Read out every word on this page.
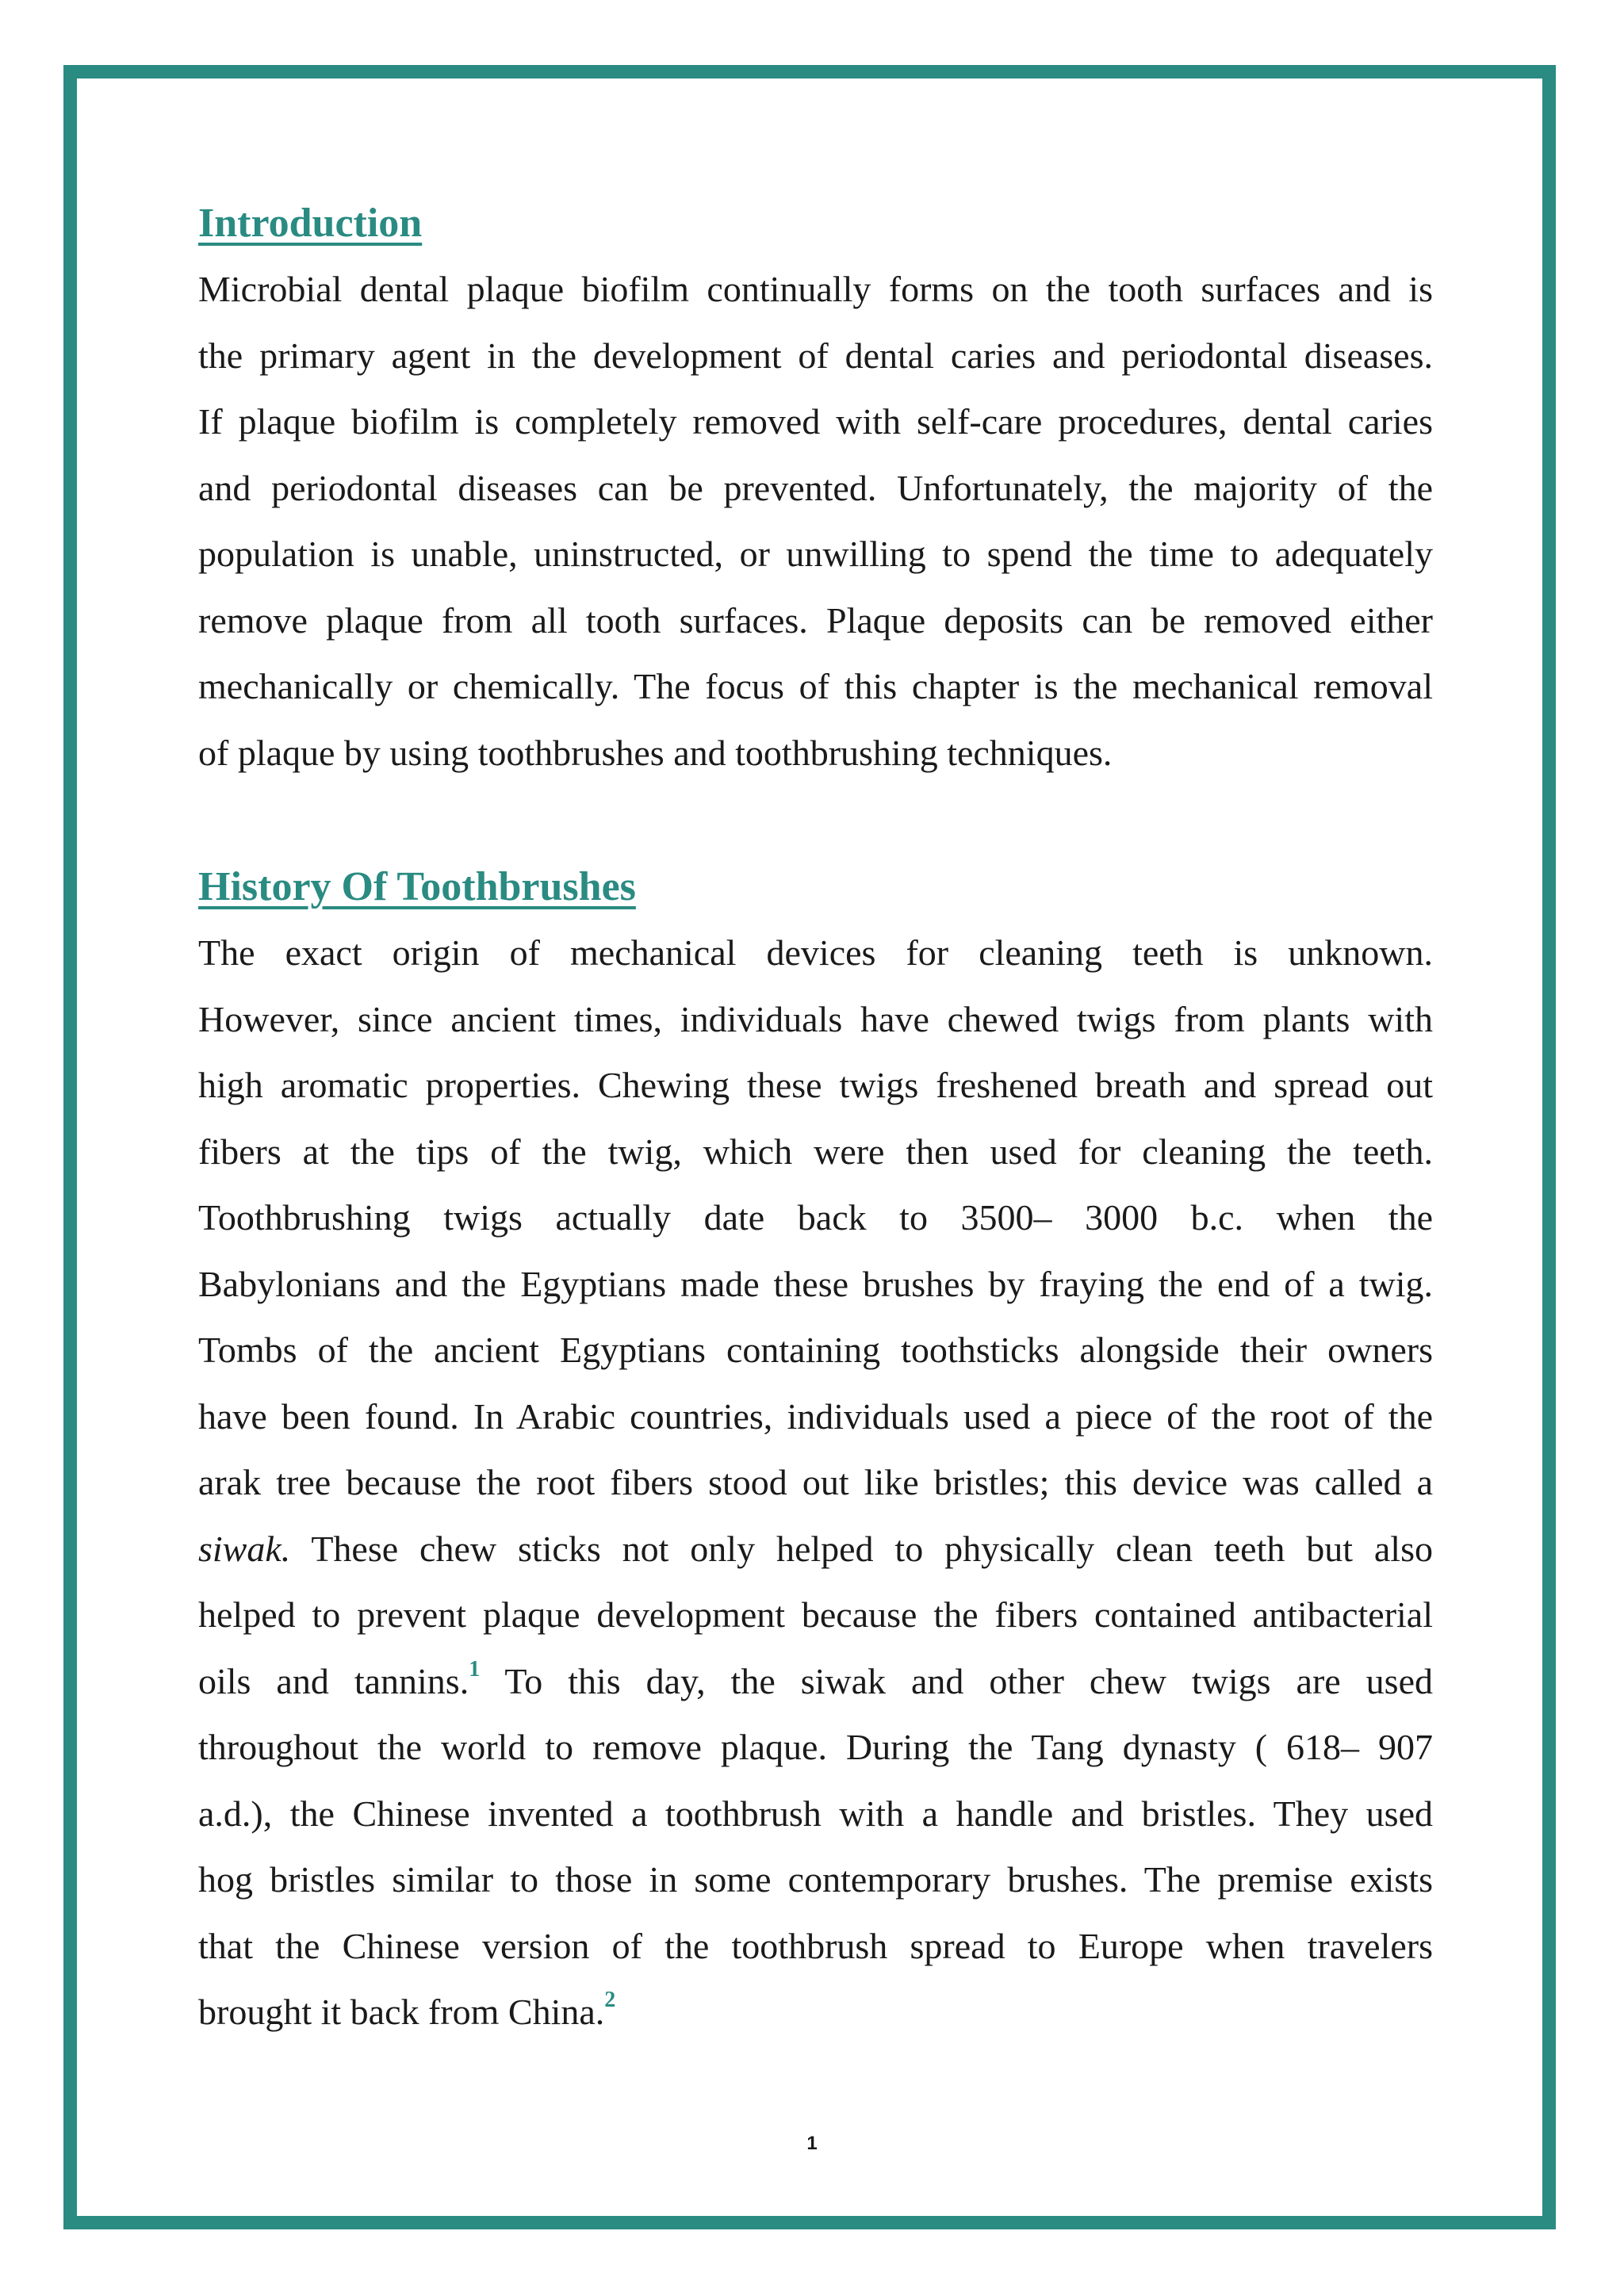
Introduction
Microbial dental plaque biofilm continually forms on the tooth surfaces and is
the primary agent in the development of dental caries and periodontal diseases.
If plaque biofilm is completely removed with self-care procedures, dental caries
and periodontal diseases can be prevented. Unfortunately, the majority of the
population is unable, uninstructed, or unwilling to spend the time to adequately
remove plaque from all tooth surfaces. Plaque deposits can be removed either
mechanically or chemically. The focus of this chapter is the mechanical removal
of plaque by using toothbrushes and toothbrushing techniques.
History Of Toothbrushes
The exact origin of mechanical devices for cleaning teeth is unknown.
However, since ancient times, individuals have chewed twigs from plants with
high aromatic properties. Chewing these twigs freshened breath and spread out
fibers at the tips of the twig, which were then used for cleaning the teeth.
Toothbrushing twigs actually date back to 3500– 3000 b.c. when the
Babylonians and the Egyptians made these brushes by fraying the end of a twig.
Tombs of the ancient Egyptians containing toothsticks alongside their owners
have been found. In Arabic countries, individuals used a piece of the root of the
arak tree because the root fibers stood out like bristles; this device was called a
siwak. These chew sticks not only helped to physically clean teeth but also
helped to prevent plaque development because the fibers contained antibacterial
oils and tannins.$^1$ To this day, the siwak and other chew twigs are used
throughout the world to remove plaque. During the Tang dynasty ( 618– 907
a.d.), the Chinese invented a toothbrush with a handle and bristles. They used
hog bristles similar to those in some contemporary brushes. The premise exists
that the Chinese version of the toothbrush spread to Europe when travelers
brought it back from China.$^2$
1
